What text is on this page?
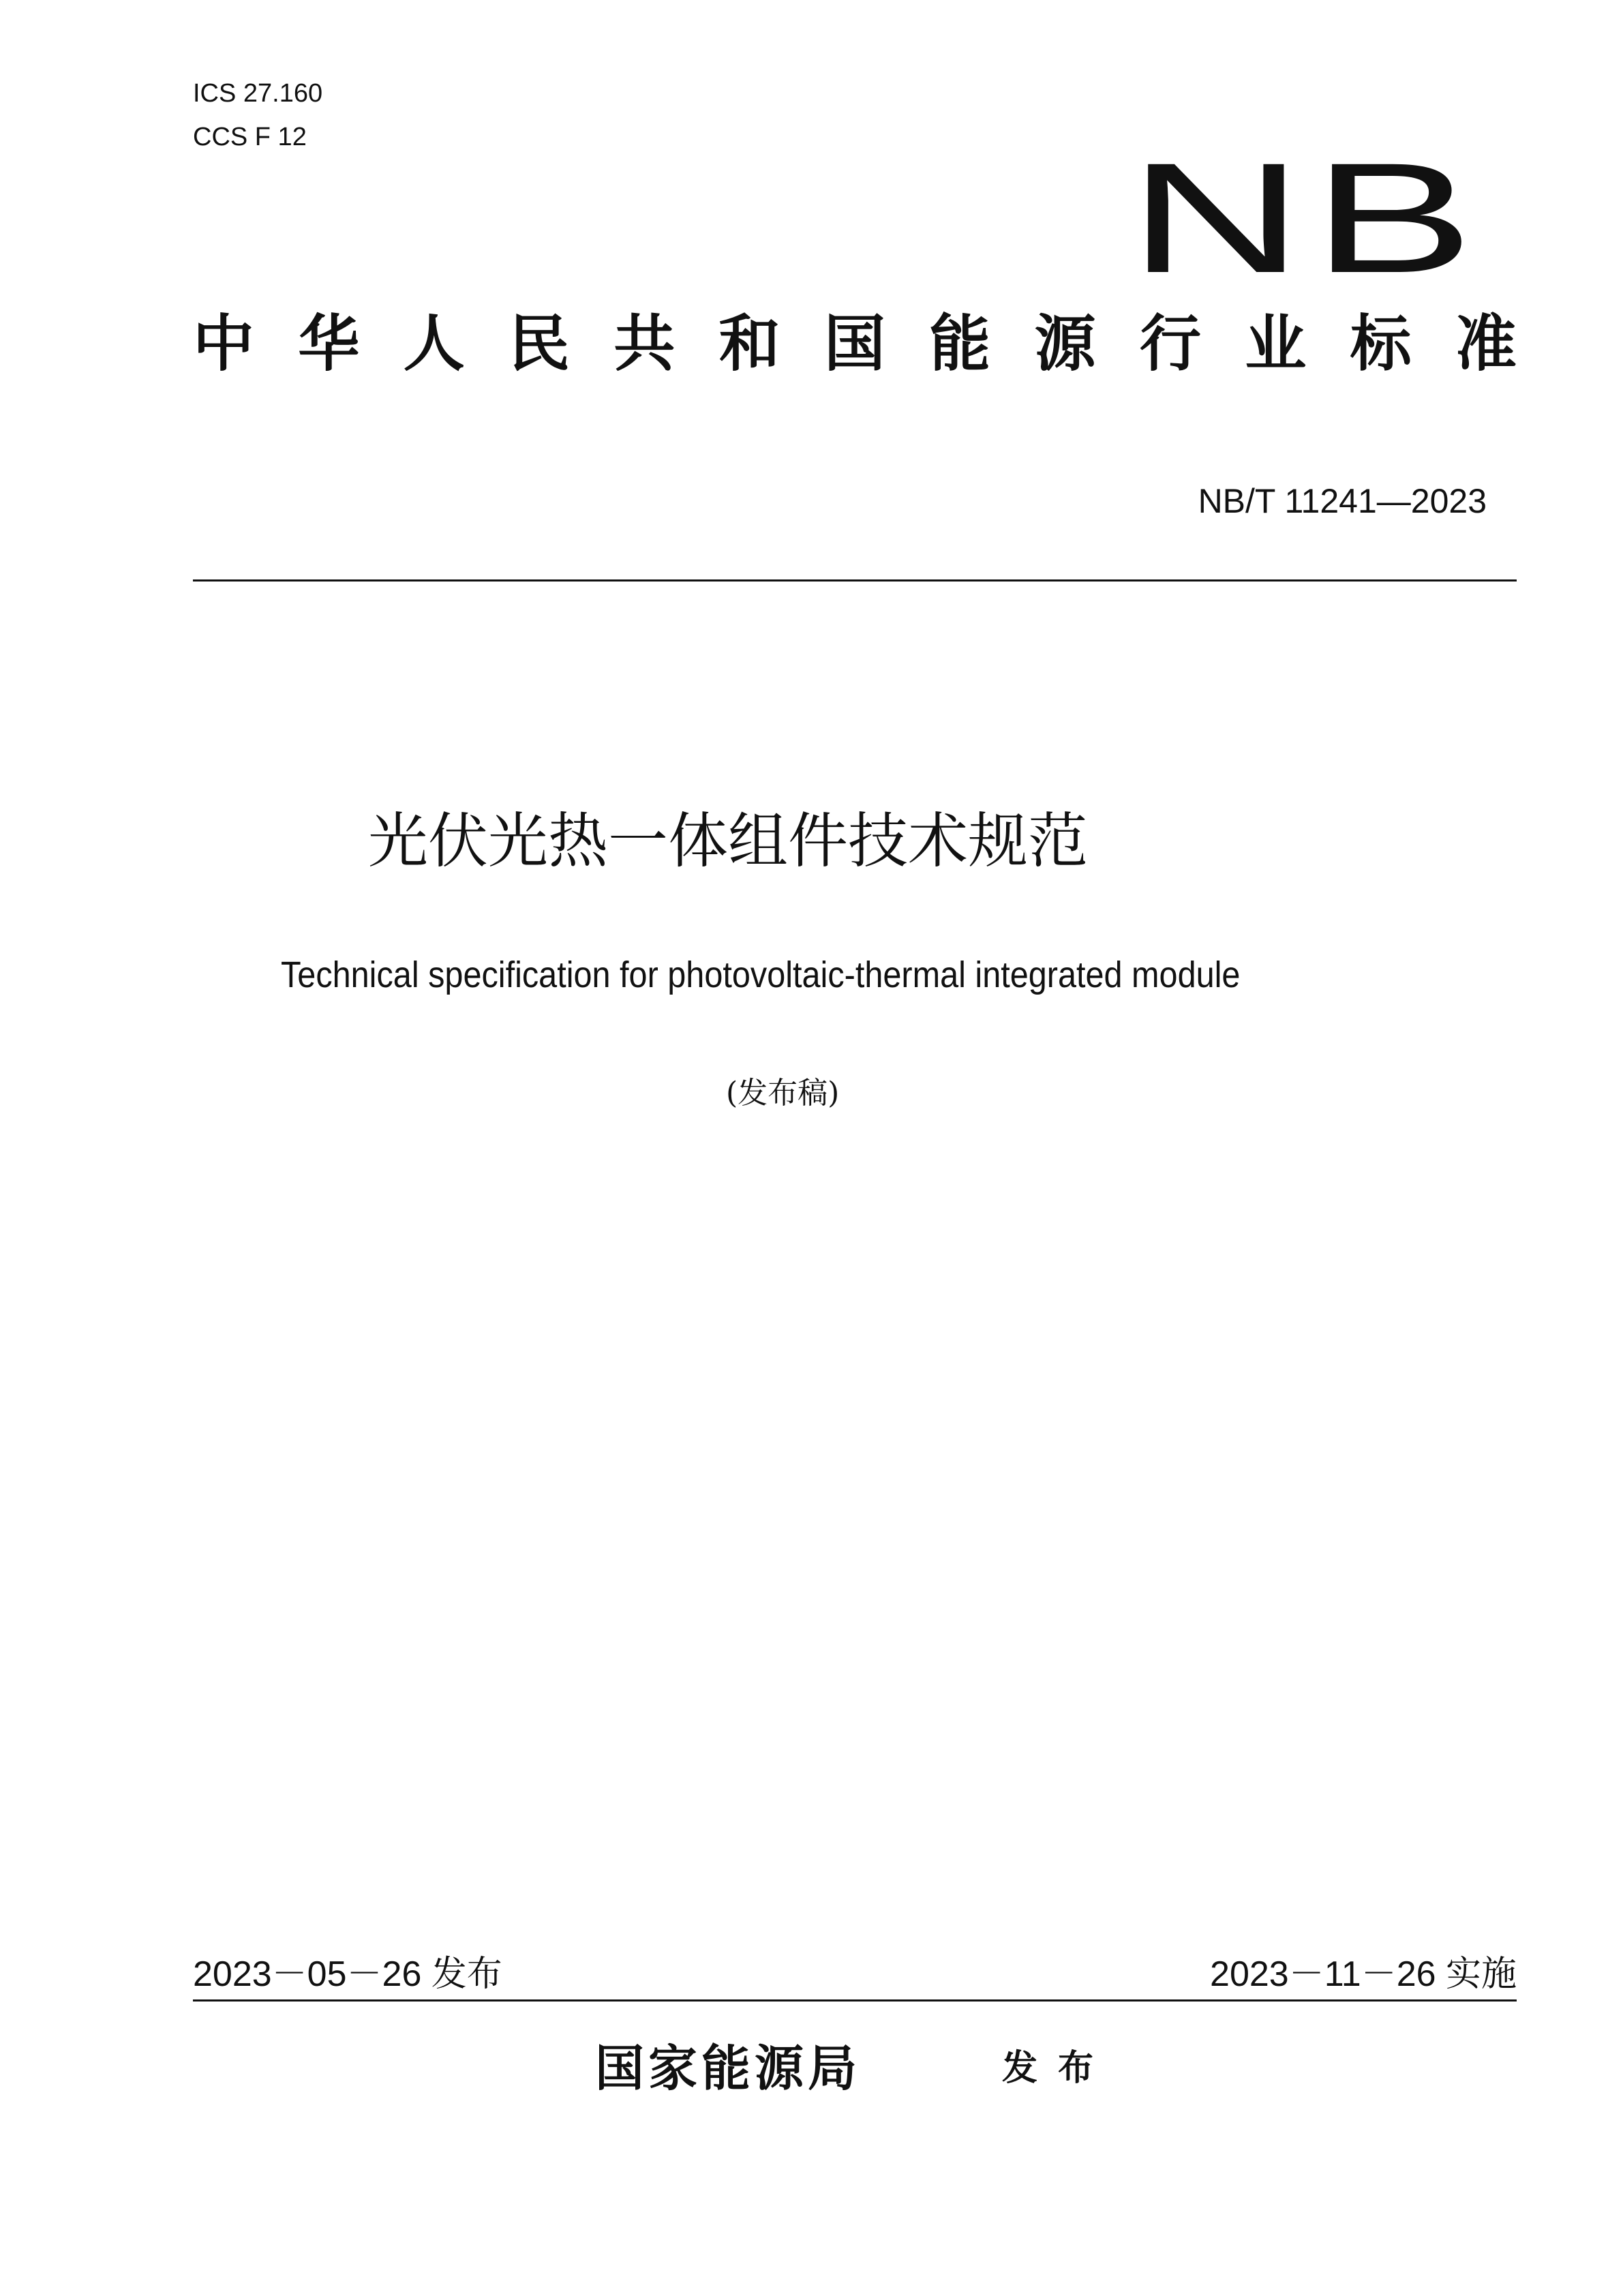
ICS 27.160
CCS F 12	NB
中 华 人 民 共 和 国 能 源 行 业 标 准
NB/T 11241—2023
光伏光热一体组件技术规范
Technical specification for photovoltaic-thermal integrated module
(发布稿)
2023－05－26 发布	2023－11－26 实施
国家能源局	发布
